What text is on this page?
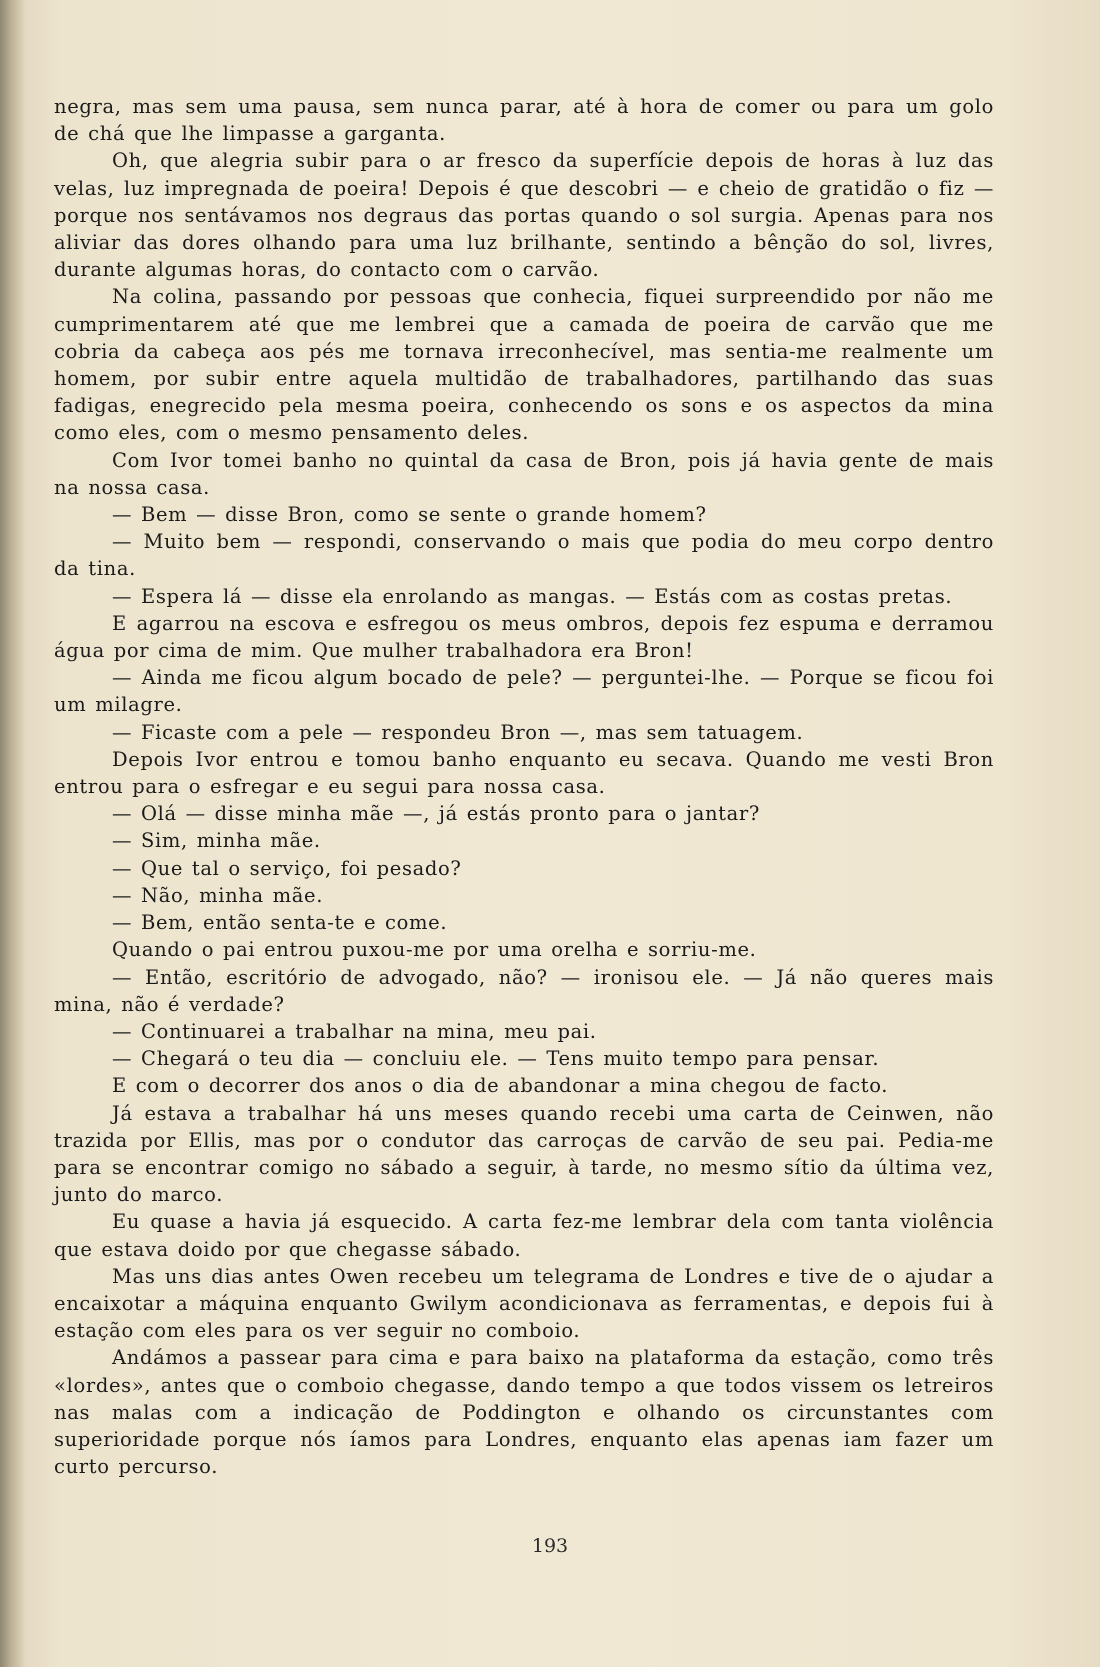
negra, mas sem uma pausa, sem nunca parar, até à hora de comer ou para um golo de chá que lhe limpasse a garganta.

Oh, que alegria subir para o ar fresco da superfície depois de horas à luz das velas, luz impregnada de poeira! Depois é que descobri — e cheio de gratidão o fiz — porque nos sentávamos nos degraus das portas quando o sol surgia. Apenas para nos aliviar das dores olhando para uma luz brilhante, sentindo a bênção do sol, livres, durante algumas horas, do contacto com o carvão.

Na colina, passando por pessoas que conhecia, fiquei surpreendido por não me cumprimentarem até que me lembrei que a camada de poeira de carvão que me cobria da cabeça aos pés me tornava irreconhecível, mas sentia-me realmente um homem, por subir entre aquela multidão de trabalhadores, partilhando das suas fadigas, enegrecido pela mesma poeira, conhecendo os sons e os aspectos da mina como eles, com o mesmo pensamento deles.

Com Ivor tomei banho no quintal da casa de Bron, pois já havia gente de mais na nossa casa.

— Bem — disse Bron, como se sente o grande homem?

— Muito bem — respondi, conservando o mais que podia do meu corpo dentro da tina.

— Espera lá — disse ela enrolando as mangas. — Estás com as costas pretas.

E agarrou na escova e esfregou os meus ombros, depois fez espuma e derramou água por cima de mim. Que mulher trabalhadora era Bron!

— Ainda me ficou algum bocado de pele? — perguntei-lhe. — Porque se ficou foi um milagre.

— Ficaste com a pele — respondeu Bron —, mas sem tatuagem.

Depois Ivor entrou e tomou banho enquanto eu secava. Quando me vesti Bron entrou para o esfregar e eu segui para nossa casa.

— Olá — disse minha mãe —, já estás pronto para o jantar?

— Sim, minha mãe.

— Que tal o serviço, foi pesado?

— Não, minha mãe.

— Bem, então senta-te e come.

Quando o pai entrou puxou-me por uma orelha e sorriu-me.

— Então, escritório de advogado, não? — ironisou ele. — Já não queres mais mina, não é verdade?

— Continuarei a trabalhar na mina, meu pai.

— Chegará o teu dia — concluiu ele. — Tens muito tempo para pensar.

E com o decorrer dos anos o dia de abandonar a mina chegou de facto.

Já estava a trabalhar há uns meses quando recebi uma carta de Ceinwen, não trazida por Ellis, mas por o condutor das carroças de carvão de seu pai. Pedia-me para se encontrar comigo no sábado a seguir, à tarde, no mesmo sítio da última vez, junto do marco.

Eu quase a havia já esquecido. A carta fez-me lembrar dela com tanta violência que estava doido por que chegasse sábado.

Mas uns dias antes Owen recebeu um telegrama de Londres e tive de o ajudar a encaixotar a máquina enquanto Gwilym acondicionava as ferramentas, e depois fui à estação com eles para os ver seguir no comboio.

Andámos a passear para cima e para baixo na plataforma da estação, como três «lordes», antes que o comboio chegasse, dando tempo a que todos vissem os letreiros nas malas com a indicação de Poddington e olhando os circunstantes com superioridade porque nós íamos para Londres, enquanto elas apenas iam fazer um curto percurso.

193
